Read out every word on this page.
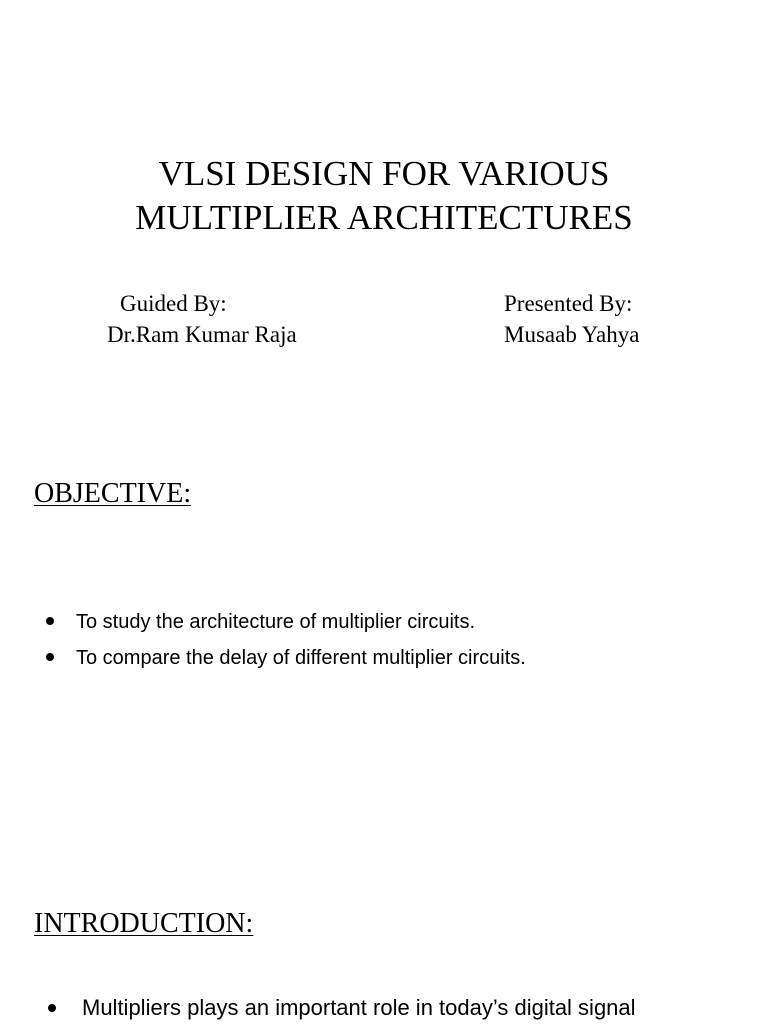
VLSI DESIGN FOR VARIOUS
MULTIPLIER ARCHITECTURES
Guided By:
Dr.Ram Kumar Raja
Presented By:
Musaab Yahya
OBJECTIVE:
To study the architecture of multiplier circuits.
To compare the delay of different multiplier circuits.
INTRODUCTION:
Multipliers plays an important role in today’s digital signal
